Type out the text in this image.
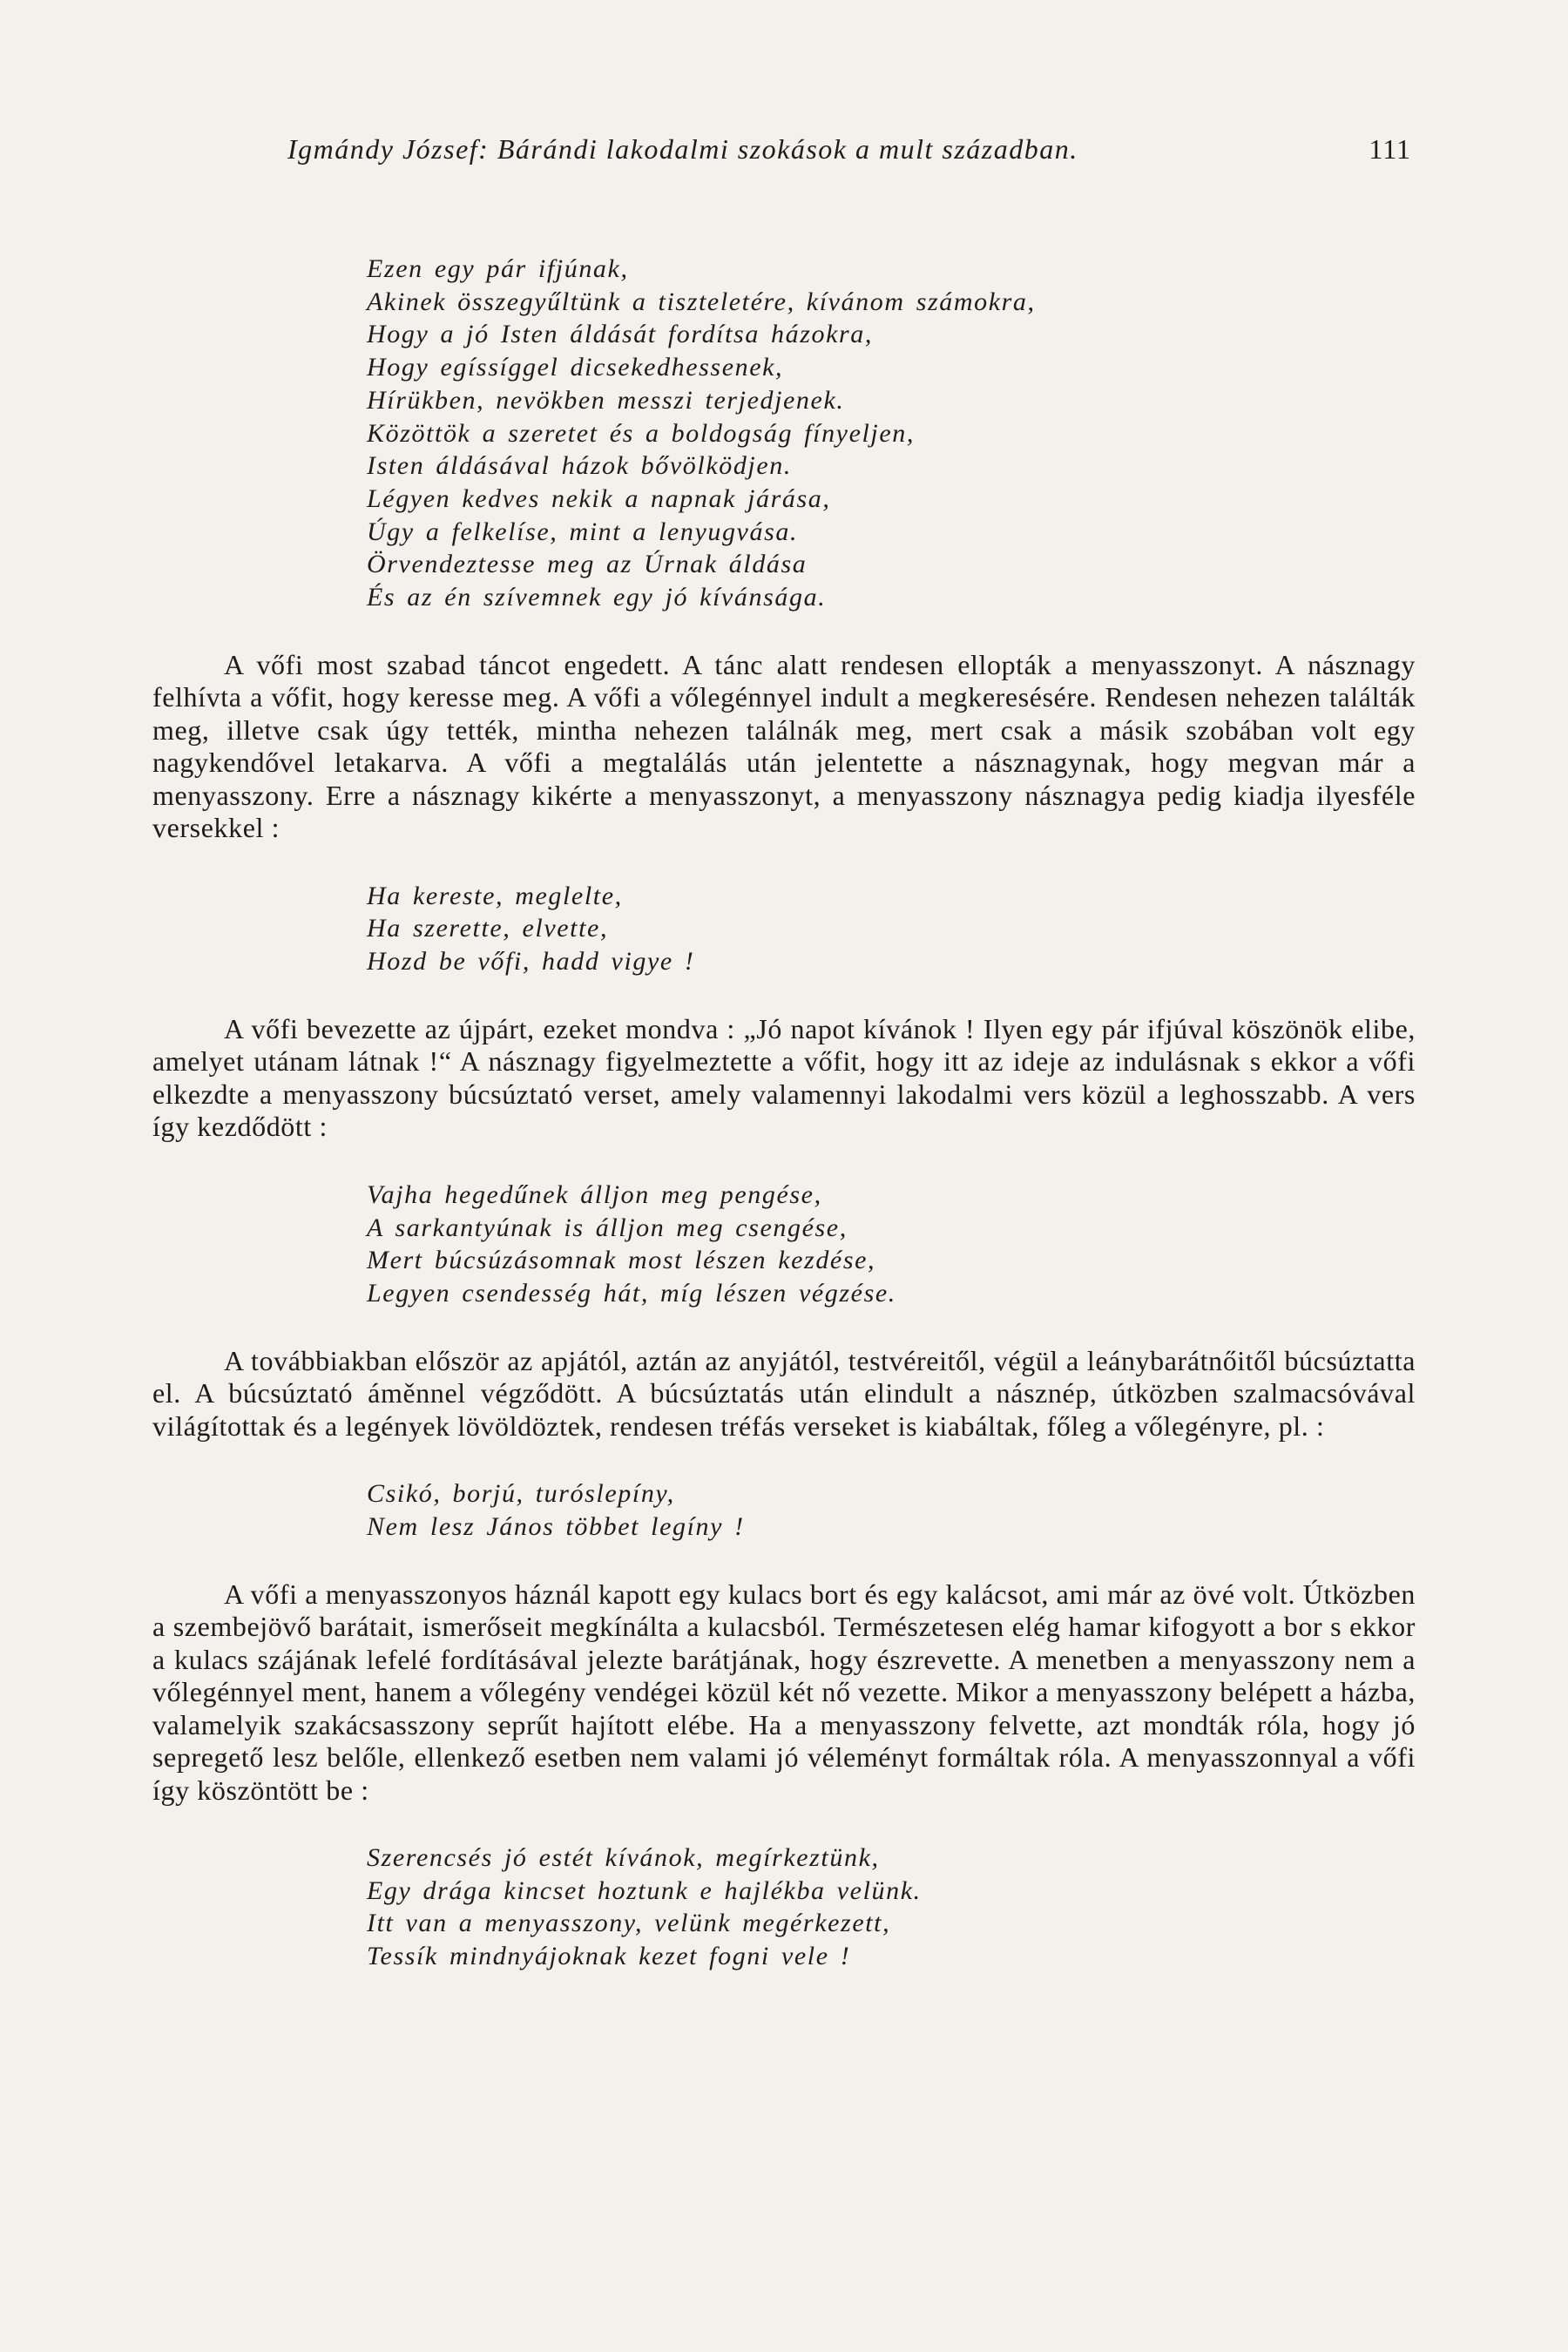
Igmándy József: Bárándi lakodalmi szokások a mult században.	111
Ezen egy pár ifjúnak,
Akinek összegyűltünk a tiszteletére, kívánom számokra,
Hogy a jó Isten áldását fordítsa házokra,
Hogy egíssíggel dicsekedhessenek,
Hírükben, nevökben messzi terjedjenek.
Közöttök a szeretet és a boldogság fínyeljen,
Isten áldásával házok bővölködjen.
Légyen kedves nekik a napnak járása,
Úgy a felkelíse, mint a lenyugvása.
Örvendeztesse meg az Úrnak áldása
És az én szívemnek egy jó kívánsága.

A vőfi most szabad táncot engedett. A tánc alatt rendesen ellopták a menyasszonyt. A násznagy felhívta a vőfit, hogy keresse meg. A vőfi a vőlegénnyel indult a megkeresésére. Rendesen nehezen találták meg, illetve csak úgy tették, mintha nehezen találnák meg, mert csak a másik szobában volt egy nagykendővel letakarva. A vőfi a megtalálás után jelentette a násznagynak, hogy megvan már a menyasszony. Erre a násznagy kikérte a menyasszonyt, a menyasszony násznagya pedig kiadja ilyesféle versekkel :

Ha kereste, meglelte,
Ha szerette, elvette,
Hozd be vőfi, hadd vigye !

A vőfi bevezette az újpárt, ezeket mondva : „Jó napot kívánok ! Ilyen egy pár ifjúval köszönök elibe, amelyet utánam látnak !“ A násznagy figyelmeztette a vőfit, hogy itt az ideje az indulásnak s ekkor a vőfi elkezdte a menyasszony búcsúztató verset, amely valamennyi lakodalmi vers közül a leghosszabb. A vers így kezdődött :

Vajha hegedűnek álljon meg pengése,
A sarkantyúnak is álljon meg csengése,
Mert búcsúzásomnak most lészen kezdése,
Legyen csendesség hát, míg lészen végzése.

A továbbiakban először az apjától, aztán az anyjától, testvéreitől, végül a leánybarátnőitől búcsúztatta el. A búcsúztató áměnnel végződött. A búcsúztatás után elindult a násznép, útközben szalmacsóvával világítottak és a legények lövöldöztek, rendesen tréfás verseket is kiabáltak, főleg a vőlegényre, pl. :

Csikó, borjú, turóslepíny,
Nem lesz János többet legíny !

A vőfi a menyasszonyos háznál kapott egy kulacs bort és egy kalácsot, ami már az övé volt. Útközben a szembejövő barátait, ismerőseit megkínálta a kulacsból. Természetesen elég hamar kifogyott a bor s ekkor a kulacs szájának lefelé fordításával jelezte barátjának, hogy észrevette. A menetben a menyasszony nem a vőlegénnyel ment, hanem a vőlegény vendégei közül két nő vezette. Mikor a menyasszony belépett a házba, valamelyik szakácsasszony seprűt hajított elébe. Ha a menyasszony felvette, azt mondták róla, hogy jó sepregető lesz belőle, ellenkező esetben nem valami jó véleményt formáltak róla. A menyasszonnyal a vőfi így köszöntött be :

Szerencsés jó estét kívánok, megírkeztünk,
Egy drága kincset hoztunk e hajlékba velünk.
Itt van a menyasszony, velünk megérkezett,
Tessík mindnyájoknak kezet fogni vele !
